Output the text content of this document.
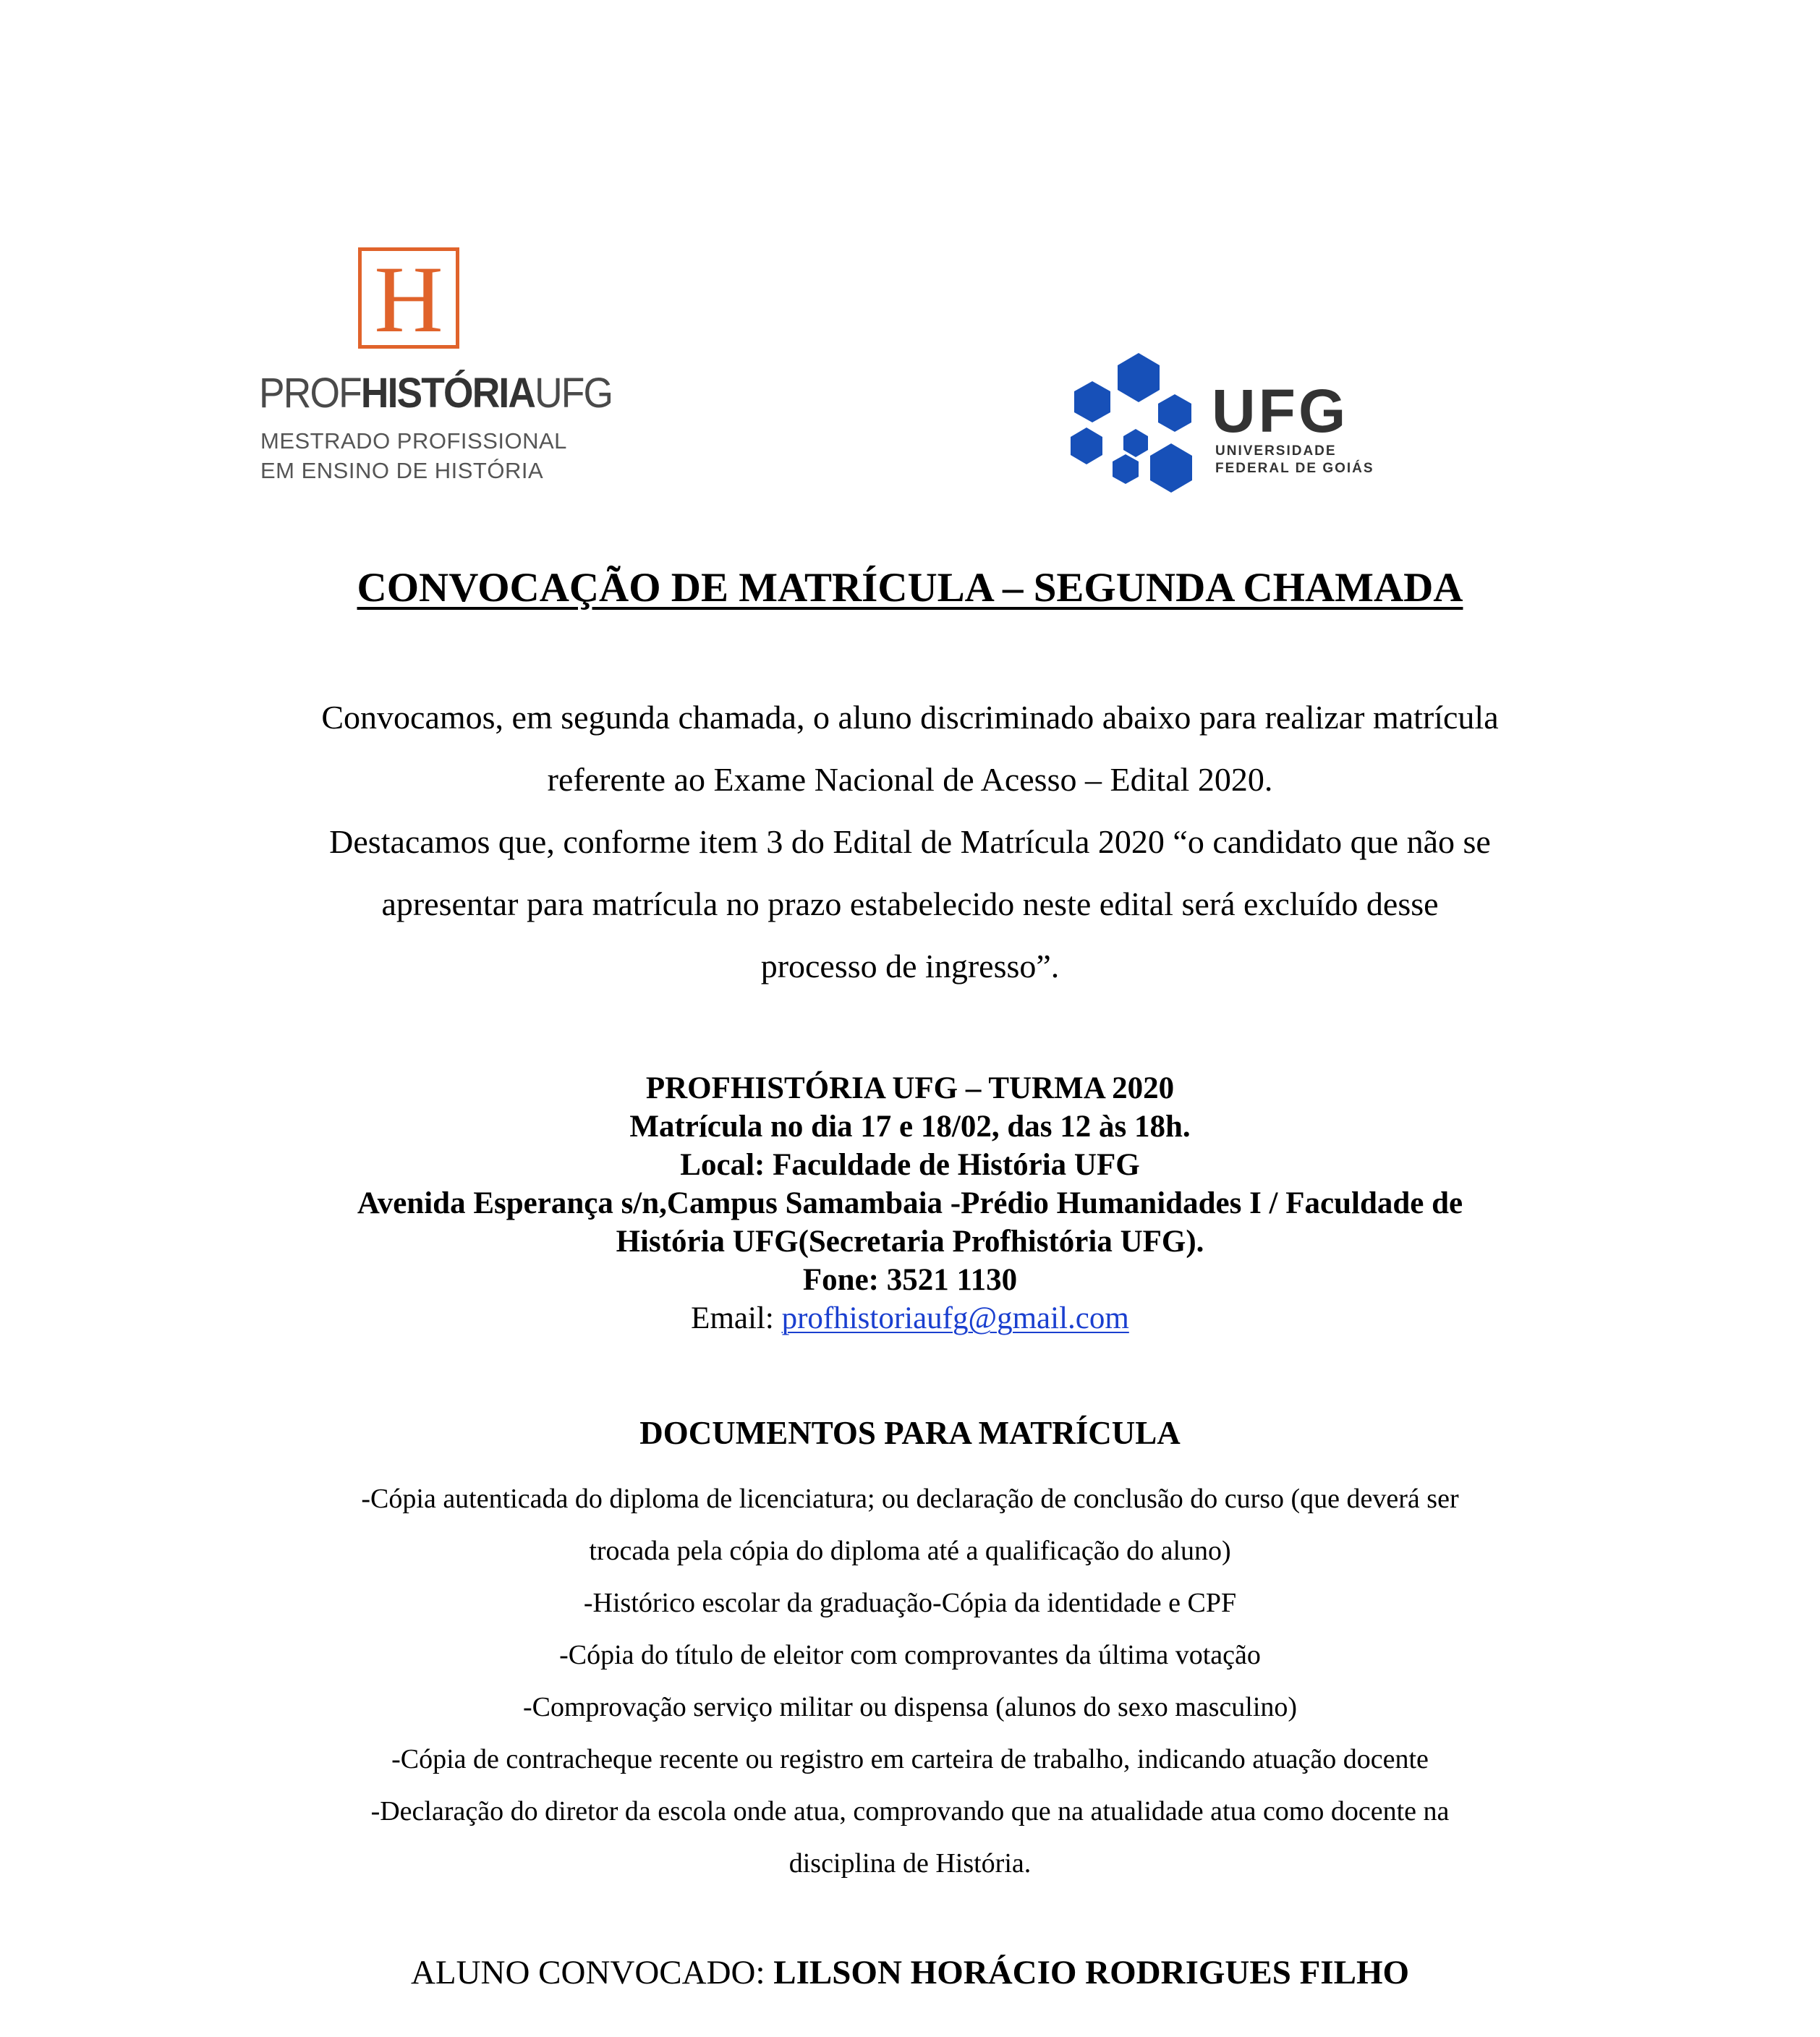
H
PROFHISTÓRIAUFG
MESTRADO PROFISSIONAL
EM ENSINO DE HISTÓRIA
UFG
UNIVERSIDADE
FEDERAL DE GOIÁS
CONVOCAÇÃO DE MATRÍCULA – SEGUNDA CHAMADA
Convocamos, em segunda chamada, o aluno discriminado abaixo para realizar matrícula
referente ao Exame Nacional de Acesso – Edital 2020.
Destacamos que, conforme item 3 do Edital de Matrícula 2020 “o candidato que não se
apresentar para matrícula no prazo estabelecido neste edital será excluído desse
processo de ingresso”.
PROFHISTÓRIA UFG – TURMA 2020
Matrícula no dia 17 e 18/02, das 12 às 18h.
Local: Faculdade de História UFG
Avenida Esperança s/n,Campus Samambaia -Prédio Humanidades I / Faculdade de
História UFG(Secretaria Profhistória UFG).
Fone: 3521 1130
Email: profhistoriaufg@gmail.com
DOCUMENTOS PARA MATRÍCULA
-Cópia autenticada do diploma de licenciatura; ou declaração de conclusão do curso (que deverá ser
trocada pela cópia do diploma até a qualificação do aluno)
-Histórico escolar da graduação-Cópia da identidade e CPF
-Cópia do título de eleitor com comprovantes da última votação
-Comprovação serviço militar ou dispensa (alunos do sexo masculino)
-Cópia de contracheque recente ou registro em carteira de trabalho, indicando atuação docente
-Declaração do diretor da escola onde atua, comprovando que na atualidade atua como docente na
disciplina de História.
ALUNO CONVOCADO: LILSON HORÁCIO RODRIGUES FILHO
